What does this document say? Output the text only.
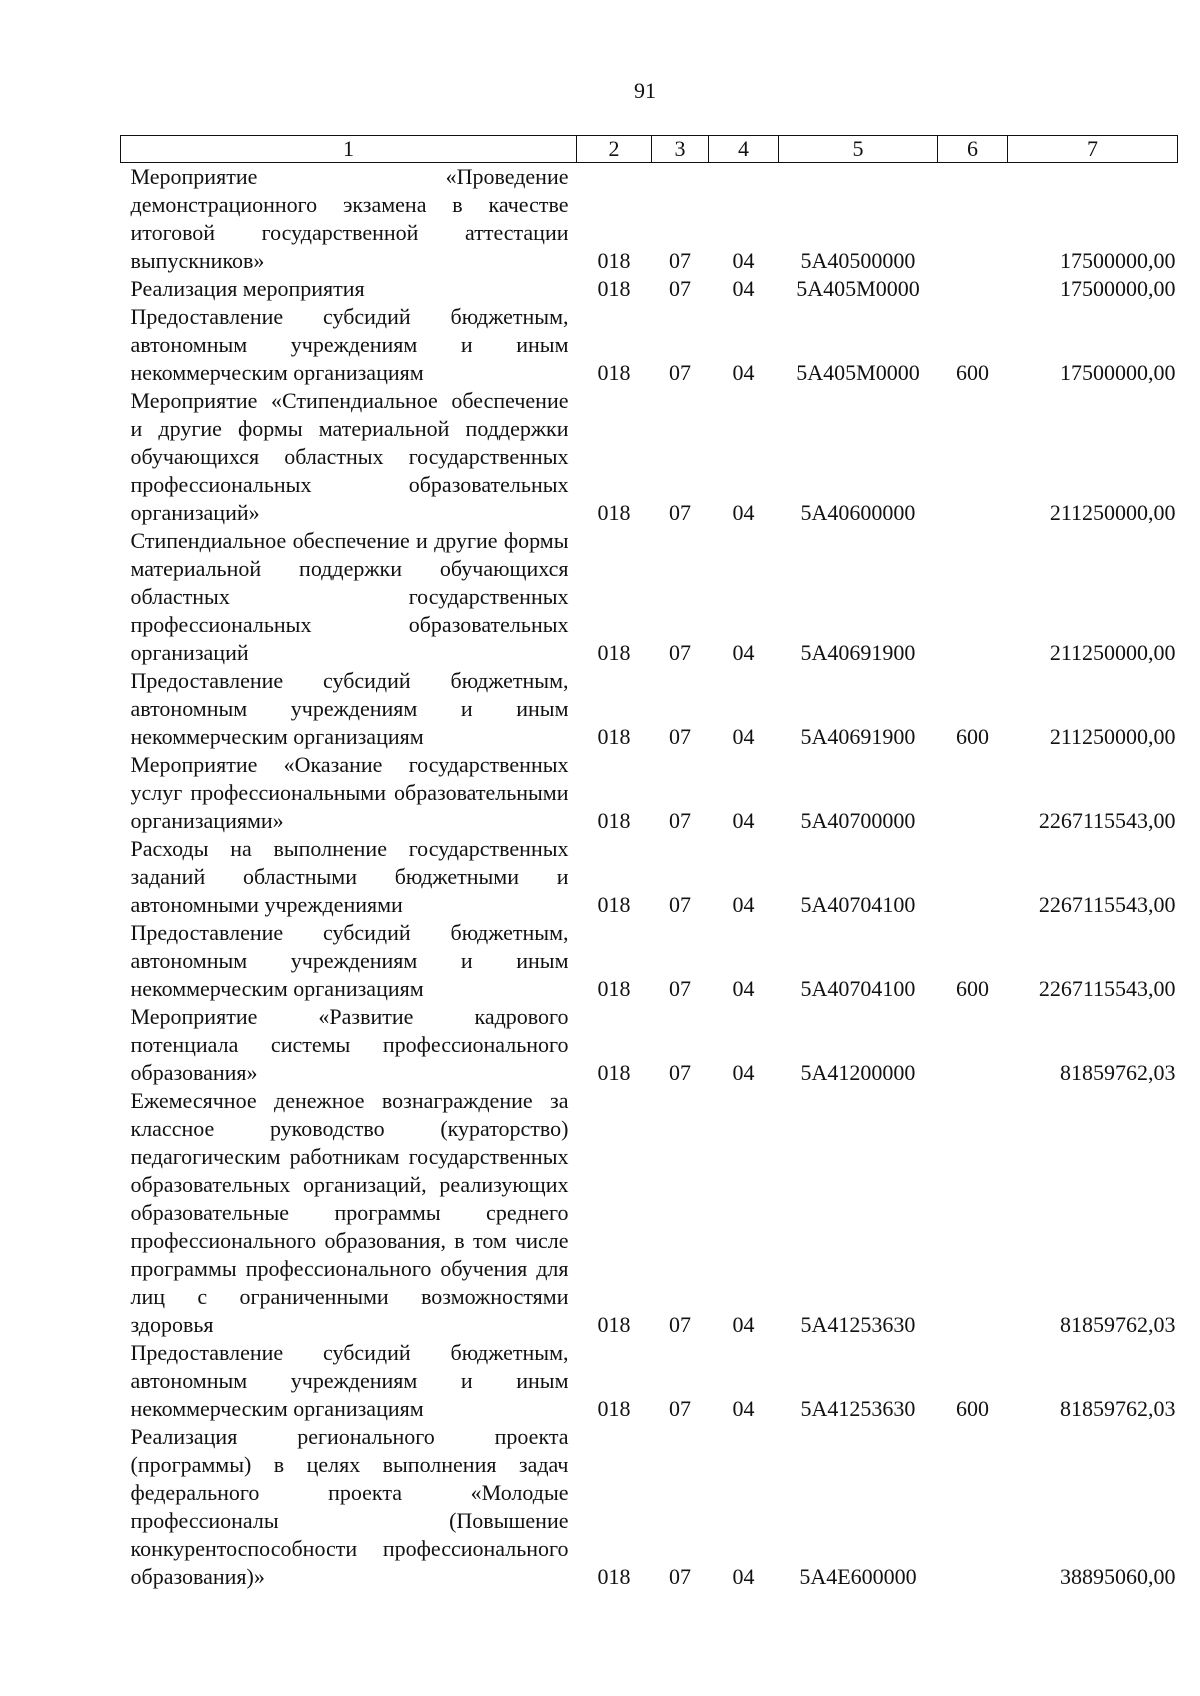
91
1	2	3	4	5	6	7
Мероприятие «Проведение демонстрационного экзамена в качестве итоговой государственной аттестации выпускников»	018	07	04	5А40500000		17500000,00
Реализация мероприятия	018	07	04	5А405М0000		17500000,00
Предоставление субсидий бюджетным, автономным учреждениям и иным некоммерческим организациям	018	07	04	5А405М0000	600	17500000,00
Мероприятие «Стипендиальное обеспечение и другие формы материальной поддержки обучающихся областных государственных профессиональных образовательных организаций»	018	07	04	5А40600000		211250000,00
Стипендиальное обеспечение и другие формы материальной поддержки обучающихся областных государственных профессиональных образовательных организаций	018	07	04	5А40691900		211250000,00
Предоставление субсидий бюджетным, автономным учреждениям и иным некоммерческим организациям	018	07	04	5А40691900	600	211250000,00
Мероприятие «Оказание государственных услуг профессиональными образовательными организациями»	018	07	04	5А40700000		2267115543,00
Расходы на выполнение государственных заданий областными бюджетными и автономными учреждениями	018	07	04	5А40704100		2267115543,00
Предоставление субсидий бюджетным, автономным учреждениям и иным некоммерческим организациям	018	07	04	5А40704100	600	2267115543,00
Мероприятие «Развитие кадрового потенциала системы профессионального образования»	018	07	04	5А41200000		81859762,03
Ежемесячное денежное вознаграждение за классное руководство (кураторство) педагогическим работникам государственных образовательных организаций, реализующих образовательные программы среднего профессионального образования, в том числе программы профессионального обучения для лиц с ограниченными возможностями здоровья	018	07	04	5А41253630		81859762,03
Предоставление субсидий бюджетным, автономным учреждениям и иным некоммерческим организациям	018	07	04	5А41253630	600	81859762,03
Реализация регионального проекта (программы) в целях выполнения задач федерального проекта «Молодые профессионалы (Повышение конкурентоспособности профессионального образования)»	018	07	04	5А4Е600000		38895060,00
